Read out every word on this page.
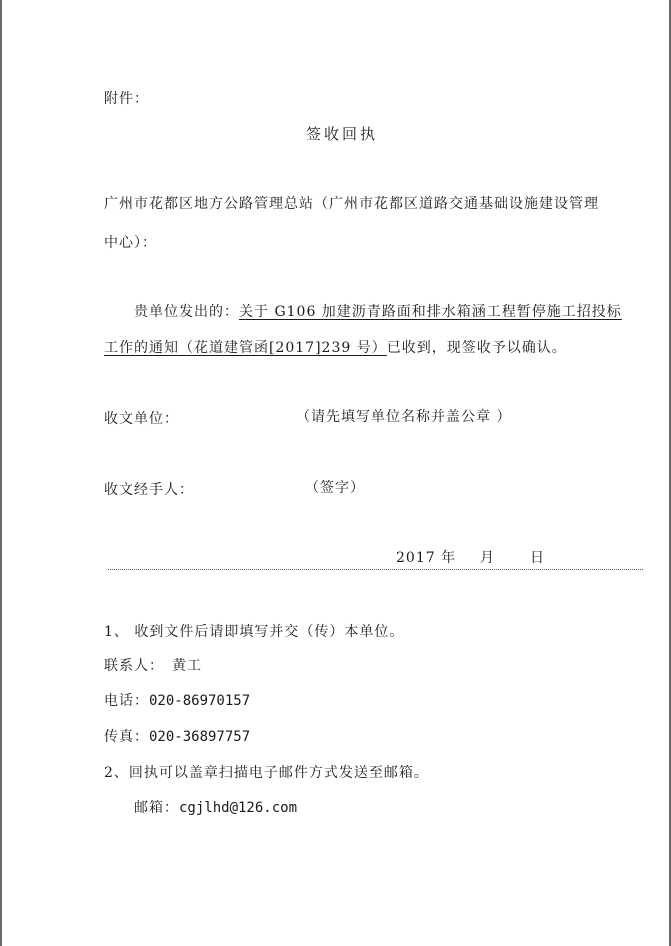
附件：
签收回执
广州市花都区地方公路管理总站（广州市花都区道路交通基础设施建设管理
中心）：
贵单位发出的：关于 G106 加建沥青路面和排水箱涵工程暂停施工招投标
工作的通知（花道建管函[2017]239 号）已收到，现签收予以确认。
收文单位：	（请先填写单位名称并盖公章 ）
收文经手人：	（签字）
2017 年 月	日
1、 收到文件后请即填写并交（传）本单位。
联系人： 黄工
电话：020-86970157
传真：020-36897757
2、回执可以盖章扫描电子邮件方式发送至邮箱。
邮箱：cgjlhd@126.com
